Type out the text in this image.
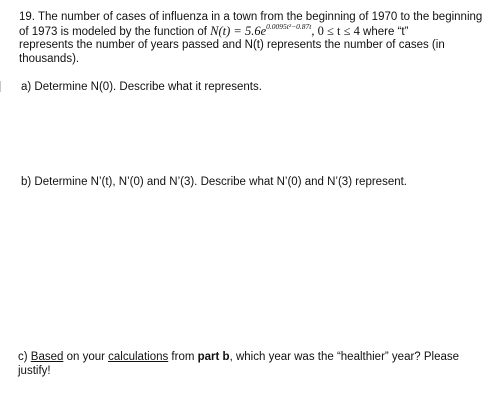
19. The number of cases of influenza in a town from the beginning of 1970 to the beginning
of 1973 is modeled by the function of $N(t) = 5.6e^{0.0095t^2-0.87t}$, 0 ≤ t ≤ 4 where “t”
represents the number of years passed and N(t) represents the number of cases (in
thousands).
a) Determine N(0). Describe what it represents.
b) Determine N’(t), N’(0) and N’(3). Describe what N’(0) and N’(3) represent.
c) Based on your calculations from part b, which year was the “healthier” year? Please
justify!
